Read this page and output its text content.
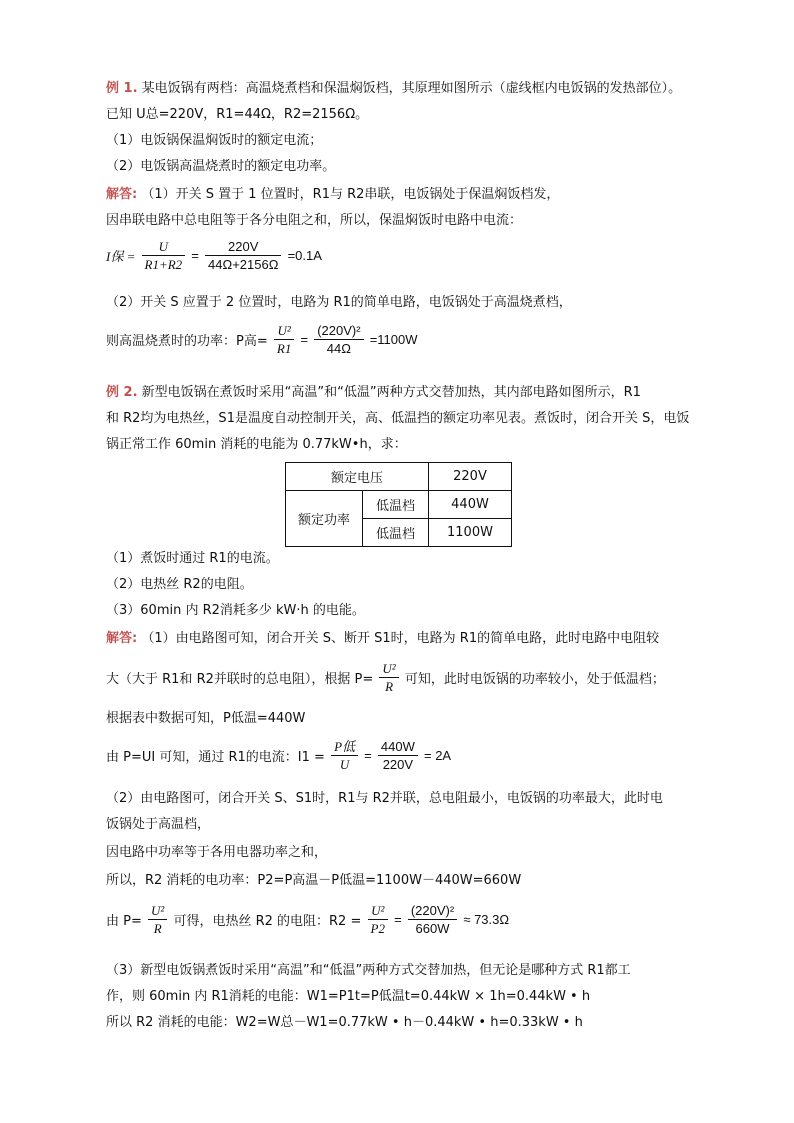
例 1. 某电饭锅有两档：高温烧煮档和保温焖饭档，其原理如图所示（虚线框内电饭锅的发热部位）。
已知 U总=220V，R1=44Ω，R2=2156Ω。
（1）电饭锅保温焖饭时的额定电流；
（2）电饭锅高温烧煮时的额定电功率。
解答: （1）开关 S 置于 1 位置时，R1与 R2串联，电饭锅处于保温焖饭档发，
因串联电路中总电阻等于各分电阻之和，所以，保温焖饭时电路中电流：
I保 = $\frac{U}{R1+R2} = \frac{220V}{44\Omega+2156\Omega} =0.1A$
（2）开关 S 应置于 2 位置时，电路为 R1的简单电路，电饭锅处于高温烧煮档，
则高温烧煮时的功率：P高= $\frac{\text{U²}}{R1} = \frac{\text{(220V)²}}{44\Omega} =1100W$
例 2. 新型电饭锅在煮饭时采用“高温”和“低温”两种方式交替加热，其内部电路如图所示，R1
和 R2均为电热丝，S1是温度自动控制开关，高、低温挡的额定功率见表。煮饭时，闭合开关 S，电饭
锅正常工作 60min 消耗的电能为 0.77kW•h，求：
额定电压		220V
额定功率	低温档	440W
	低温档	1100W
（1）煮饭时通过 R1的电流。
（2）电热丝 R2的电阻。
（3）60min 内 R2消耗多少 kW·h 的电能。
解答: （1）由电路图可知，闭合开关 S、断开 S1时，电路为 R1的简单电路，此时电路中电阻较
大（大于 R1和 R2并联时的总电阻），根据 $P= \frac{\text{U²}}{R}$ 可知，此时电饭锅的功率较小，处于低温档；
根据表中数据可知，P低温=440W
由 P=UI 可知，通过 R1的电流：$I1 = \frac{\text{P低}}{U} = \frac{440W}{220V} = 2A$
（2）由电路图可，闭合开关 S、S1时，R1与 R2并联，总电阻最小，电饭锅的功率最大，此时电
饭锅处于高温档，
因电路中功率等于各用电器功率之和，
所以，R2 消耗的电功率：P2=P高温－P低温=1100W－440W=660W
由 $P= \frac{\text{U²}}{R}$ 可得，电热丝 R2 的电阻：$R2 = \frac{\text{U²}}{P2} = \frac{\text{(220V)²}}{660W} \approx 73.3\Omega$
（3）新型电饭锅煮饭时采用“高温”和“低温”两种方式交替加热，但无论是哪种方式 R1都工
作，则 60min 内 R1消耗的电能：W1=P1t=P低温t=0.44kW × 1h=0.44kW • h
所以 R2 消耗的电能：W2=W总－W1=0.77kW • h－0.44kW • h=0.33kW • h
